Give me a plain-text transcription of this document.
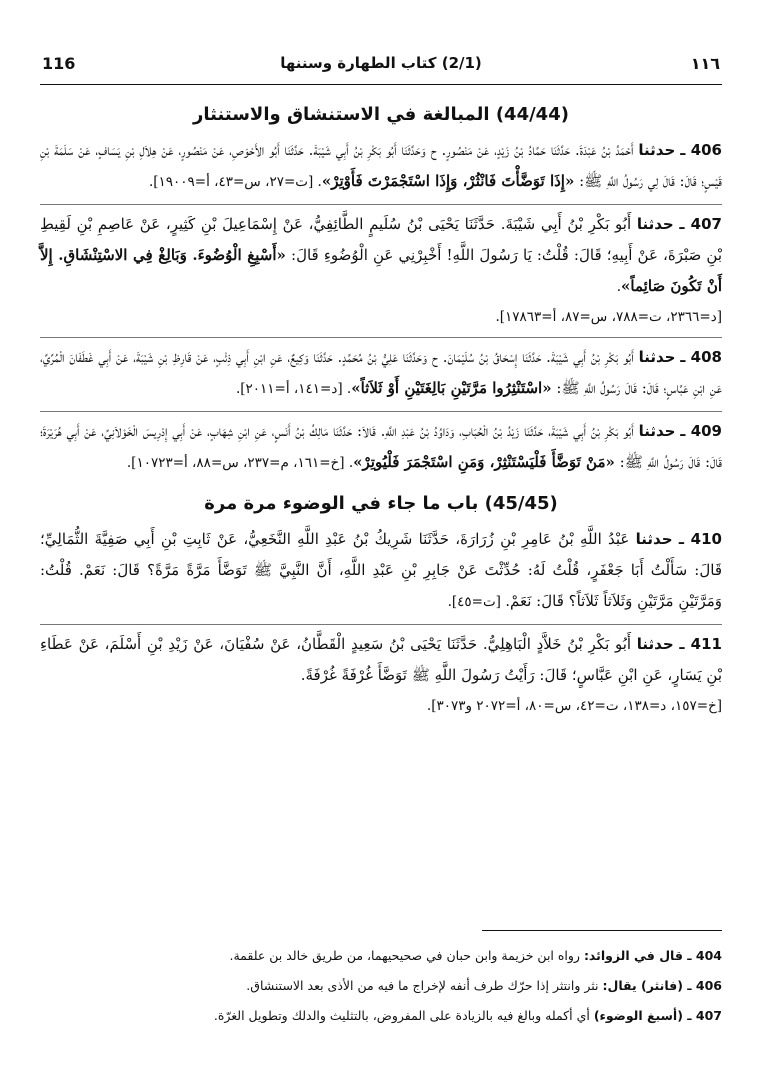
116	(2/1) كتاب الطهارة وسننها	١١٦
(44/44) المبالغة في الاستنشاق والاستنثار

406 ـ حدثنا أَحْمَدُ بْنُ عَبْدَةَ. حَدَّثَنَا حَمَّادُ بْنُ زَيْدٍ، عَنْ مَنْصُورٍ. ح وَحَدَّثَنَا أَبُو بَكْرِ بْنُ أَبِي شَيْبَةَ. حَدَّثَنَا أَبُو الأَحْوَصِ، عَنْ مَنْصُورٍ، عَنْ هِلاَلِ بْنِ يَسَافٍ، عَنْ سَلَمَةَ بْنِ قَيْسٍ؛ قَالَ: قَالَ لِي رَسُولُ اللَّهِ ﷺ: «إِذَا تَوَضَّأْتَ فَانْثُرْ، وَإِذَا اسْتَجْمَرْتَ فَأَوْتِرْ». [ت=٢٧، س=٤٣، أ=١٩٠٠٩].

407 ـ حدثنا أَبُو بَكْرِ بْنُ أَبِي شَيْبَةَ. حَدَّثَنَا يَحْيَى بْنُ سُلَيمٍ الطَّائِفِيُّ، عَنْ إِسْمَاعِيلَ بْنِ كَثِيرٍ، عَنْ عَاصِمِ بْنِ لَقِيطِ بْنِ صَبْرَةَ، عَنْ أَبِيهِ؛ قَالَ: قُلْتُ: يَا رَسُولَ اللَّهِ! أَخْبِرْنِي عَنِ الْوُضُوءِ قَالَ: «أَسْبِغِ الْوُضُوءَ. وَبَالِغْ فِي الاسْتِنْشَاقِ. إِلاَّ أَنْ تَكُونَ صَائِماً».

[د=٢٣٦٦، ت=٧٨٨، س=٨٧، أ=١٧٨٦٣].

408 ـ حدثنا أَبُو بَكْرِ بْنُ أَبِي شَيْبَةَ. حَدَّثَنَا إِسْحَاقُ بْنُ سُلَيْمَانَ. ح وَحَدَّثَنَا عَلِيُّ بْنُ مُحَمَّدٍ. حَدَّثَنَا وَكِيعٌ، عَنِ ابْنِ أَبِي ذِئْبٍ، عَنْ قَارِظِ بْنِ شَيْبَةَ، عَنْ أَبِي غَطَفَانَ الْمُرِّيِّ، عَنِ ابْنِ عَبَّاسٍ؛ قَالَ: قَالَ رَسُولُ اللَّهِ ﷺ: «اسْتَنْثِرُوا مَرَّتَيْنِ بَالِغَتَيْنِ أَوْ ثَلاَثاً». [د=١٤١، أ=٢٠١١].

409 ـ حدثنا أَبُو بَكْرِ بْنُ أَبِي شَيْبَةَ، حَدَّثَنَا زَيْدُ بْنُ الْحُبَابِ، وَدَاوُدُ بْنُ عَبْدِ اللَّهِ. قَالاَ: حَدَّثَنَا مَالِكُ بْنُ أَنَسٍ، عَنِ ابْنِ شِهَابٍ، عَنْ أَبِي إِدْرِيسَ الْخَوْلاَنِيِّ، عَنْ أَبِي هُرَيْرَةَ؛ قَالَ: قَالَ رَسُولُ اللَّهِ ﷺ: «مَنْ تَوَضَّأَ فَلْيَسْتَنْثِرْ، وَمَنِ اسْتَجْمَرَ فَلْيُوتِرْ». [خ=١٦١، م=٢٣٧، س=٨٨، أ=١٠٧٢٣].

(45/45) باب ما جاء في الوضوء مرة مرة

410 ـ حدثنا عَبْدُ اللَّهِ بْنُ عَامِرِ بْنِ زُرَارَةَ، حَدَّثَنَا شَرِيكُ بْنُ عَبْدِ اللَّهِ النَّخَعِيُّ، عَنْ ثَابِتِ بْنِ أَبِي صَفِيَّةَ الثُّمَالِيِّ؛ قَالَ: سَأَلْتُ أَبَا جَعْفَرٍ، قُلْتُ لَهُ: حُدِّثْتَ عَنْ جَابِرِ بْنِ عَبْدِ اللَّهِ، أَنَّ النَّبِيَّ ﷺ تَوَضَّأَ مَرَّةً مَرَّةً؟ قَالَ: نَعَمْ. قُلْتُ: وَمَرَّتَيْنِ مَرَّتَيْنِ وَثَلاَثاً ثَلاَثاً؟ قَالَ: نَعَمْ. [ت=٤٥].

411 ـ حدثنا أَبُو بَكْرِ بْنُ خَلاَّدٍ الْبَاهِلِيُّ. حَدَّثَنَا يَحْيَى بْنُ سَعِيدٍ الْقَطَّانُ، عَنْ سُفْيَانَ، عَنْ زَيْدِ بْنِ أَسْلَمَ، عَنْ عَطَاءِ بْنِ يَسَارٍ، عَنِ ابْنِ عَبَّاسٍ؛ قَالَ: رَأَيْتُ رَسُولَ اللَّهِ ﷺ تَوَضَّأَ غُرْفَةً غُرْفَةً.

[خ=١٥٧، د=١٣٨، ت=٤٢، س=٨٠، أ=٢٠٧٢ و٣٠٧٣].
404 ـ قال في الزوائد: رواه ابن خزيمة وابن حبان في صحيحيهما، من طريق خالد بن علقمة.
406 ـ (فانثر) يقال: نثر وانتثر إذا حرّك طرف أنفه لإخراج ما فيه من الأذى بعد الاستنشاق.
407 ـ (أسبغ الوضوء) أي أكمله وبالغ فيه بالزيادة على المفروض، بالتثليث والدلك وتطويل الغرّة.
